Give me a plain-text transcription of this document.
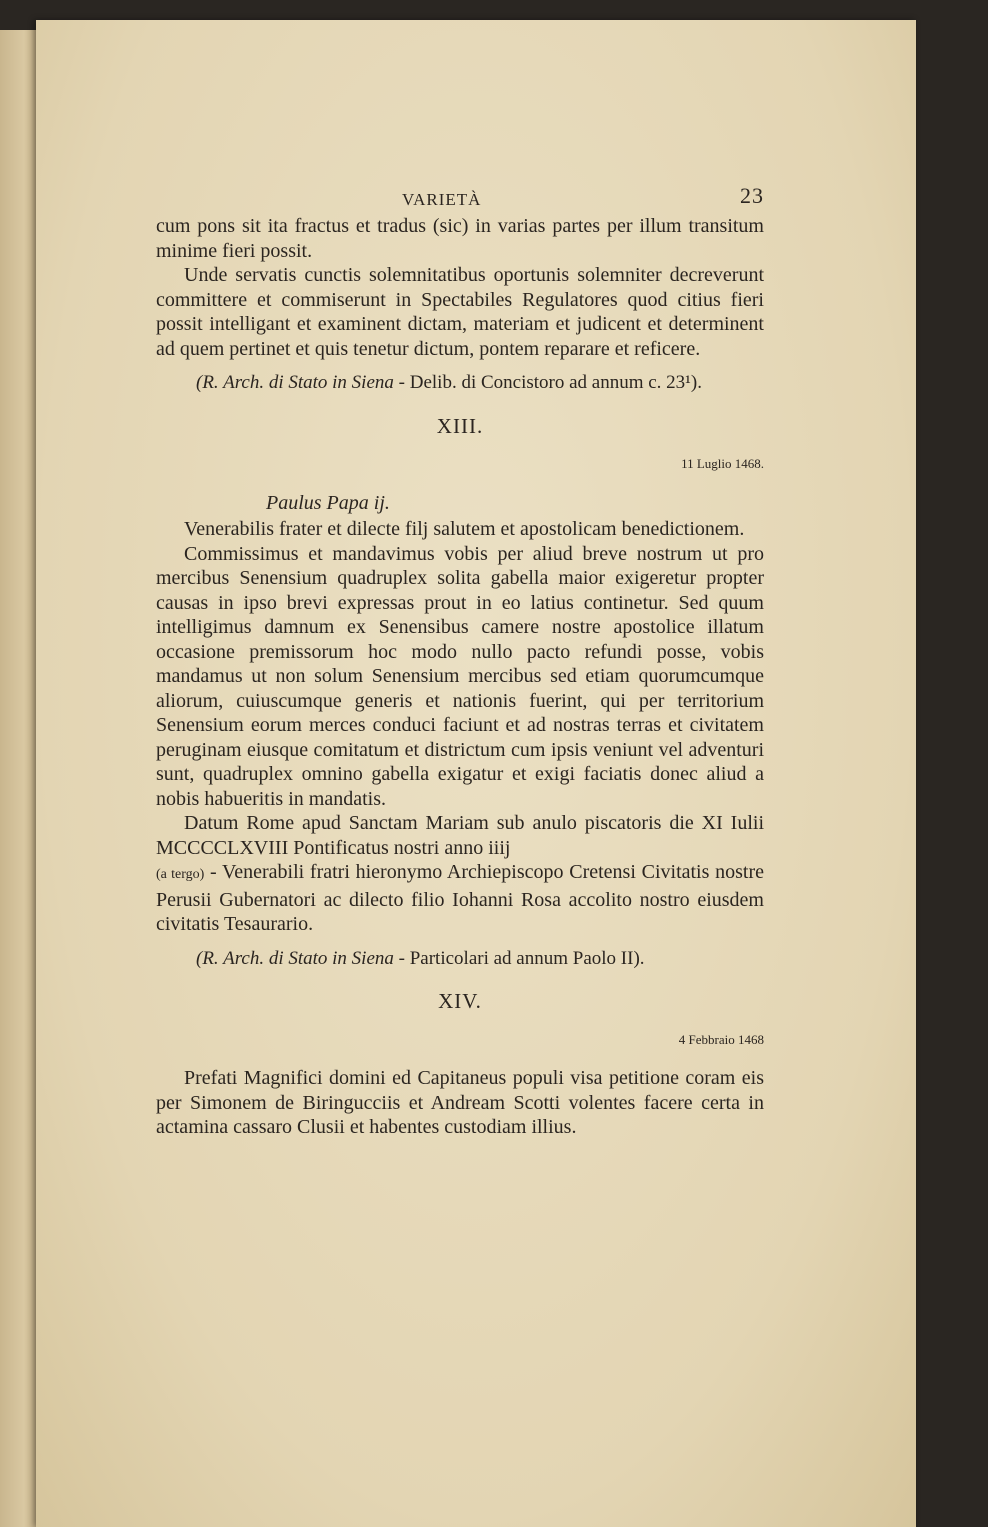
VARIETÀ	23

cum pons sit ita fractus et tradus (sic) in varias partes per illum transitum minime fieri possit.

Unde servatis cunctis solemnitatibus oportunis solemniter decreverunt committere et commiserunt in Spectabiles Regulatores quod citius fieri possit intelligant et examinent dictam, materiam et judicent et determinent ad quem pertinet et quis tenetur dictum, pontem reparare et reficere.

(R. Arch. di Stato in Siena - Delib. di Concistoro ad annum c. 23¹).

XIII.
11 Luglio 1468.

Paulus Papa ij.

Venerabilis frater et dilecte filj salutem et apostolicam benedictionem.

Commissimus et mandavimus vobis per aliud breve nostrum ut pro mercibus Senensium quadruplex solita gabella maior exigeretur propter causas in ipso brevi expressas prout in eo latius continetur. Sed quum intelligimus damnum ex Senensibus camere nostre apostolice illatum occasione premissorum hoc modo nullo pacto refundi posse, vobis mandamus ut non solum Senensium mercibus sed etiam quorumcumque aliorum, cuiuscumque generis et nationis fuerint, qui per territorium Senensium eorum merces conduci faciunt et ad nostras terras et civitatem peruginam eiusque comitatum et districtum cum ipsis veniunt vel adventuri sunt, quadruplex omnino gabella exigatur et exigi faciatis donec aliud a nobis habueritis in mandatis.

Datum Rome apud Sanctam Mariam sub anulo piscatoris die XI Iulii MCCCCLXVIII Pontificatus nostri anno iiij

(a tergo) - Venerabili fratri hieronymo Archiepiscopo Cretensi Civitatis nostre Perusii Gubernatori ac dilecto filio Iohanni Rosa accolito nostro eiusdem civitatis Tesaurario.

(R. Arch. di Stato in Siena - Particolari ad annum Paolo II).

XIV.
4 Febbraio 1468

Prefati Magnifici domini ed Capitaneus populi visa petitione coram eis per Simonem de Biringucciis et Andream Scotti volentes facere certa in actamina cassaro Clusii et habentes custodiam illius.
